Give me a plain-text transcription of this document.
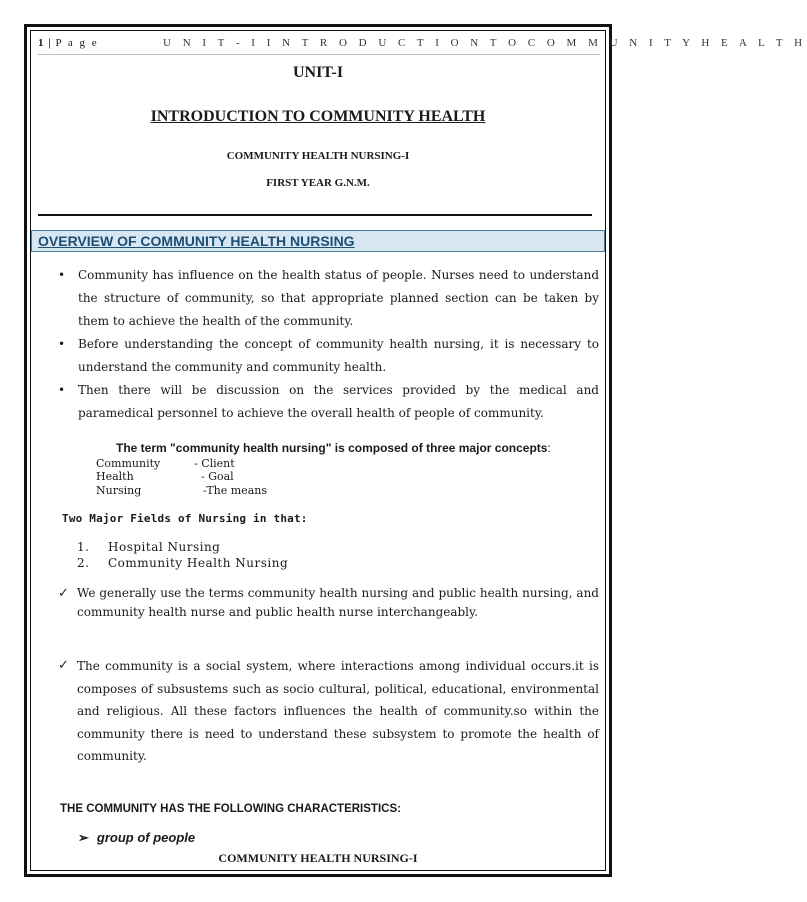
1 | P a g e	U N I T - I I N T R O D U C T I O N T O C O M M U N I T Y H E A L T H
UNIT-I
INTRODUCTION TO COMMUNITY HEALTH
COMMUNITY HEALTH NURSING-I
FIRST YEAR G.N.M.
OVERVIEW OF COMMUNITY HEALTH NURSING
• Community has influence on the health status of people. Nurses need to understand the structure of community, so that appropriate planned section can be taken by them to achieve the health of the community.
• Before understanding the concept of community health nursing, it is necessary to understand the community and community health.
• Then there will be discussion on the services provided by the medical and paramedical personnel to achieve the overall health of people of community.
The term "community health nursing" is composed of three major concepts:
Community	- Client
Health	- Goal
Nursing	-The means
Two Major Fields of Nursing in that:
1. Hospital Nursing
2. Community Health Nursing
✓ We generally use the terms community health nursing and public health nursing, and community health nurse and public health nurse interchangeably.
✓ The community is a social system, where interactions among individual occurs.it is composes of subsustems such as socio cultural, political, educational, environmental and religious. All these factors influences the health of community.so within the community there is need to understand these subsystem to promote the health of community.
THE COMMUNITY HAS THE FOLLOWING CHARACTERISTICS:
➢ group of people
COMMUNITY HEALTH NURSING-I
